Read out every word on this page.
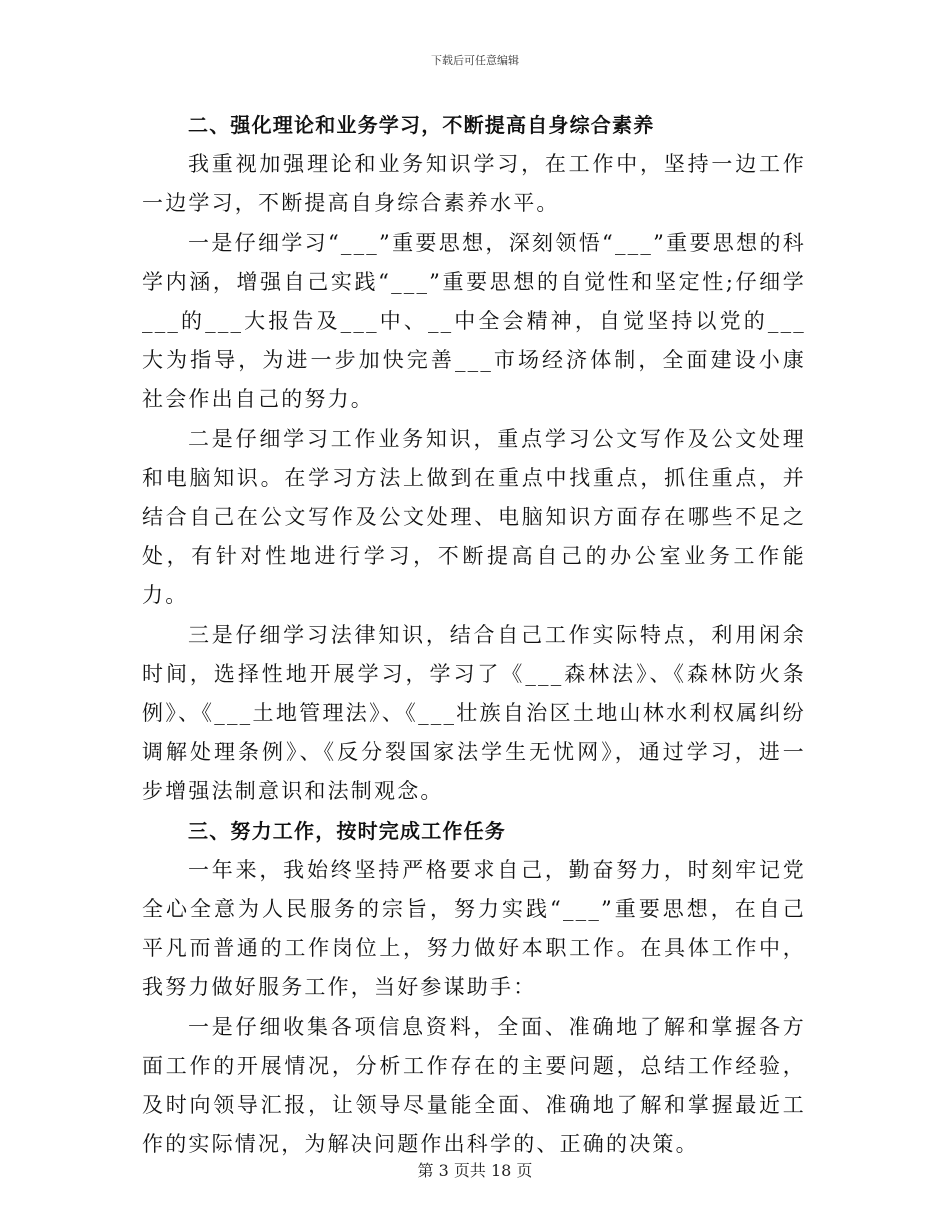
下载后可任意编辑
二、强化理论和业务学习，不断提高自身综合素养

我重视加强理论和业务知识学习，在工作中，坚持一边工作一边学习，不断提高自身综合素养水平。

一是仔细学习“___”重要思想，深刻领悟“___”重要思想的科学内涵，增强自己实践“___”重要思想的自觉性和坚定性;仔细学___的___大报告及___中、__中全会精神，自觉坚持以党的___大为指导，为进一步加快完善___市场经济体制，全面建设小康社会作出自己的努力。

二是仔细学习工作业务知识，重点学习公文写作及公文处理和电脑知识。在学习方法上做到在重点中找重点，抓住重点，并结合自己在公文写作及公文处理、电脑知识方面存在哪些不足之处，有针对性地进行学习，不断提高自己的办公室业务工作能力。

三是仔细学习法律知识，结合自己工作实际特点，利用闲余时间，选择性地开展学习，学习了《___森林法》、《森林防火条例》、《___土地管理法》、《___壮族自治区土地山林水利权属纠纷调解处理条例》、《反分裂国家法学生无忧网》，通过学习，进一步增强法制意识和法制观念。

三、努力工作，按时完成工作任务

一年来，我始终坚持严格要求自己，勤奋努力，时刻牢记党全心全意为人民服务的宗旨，努力实践“___”重要思想，在自己平凡而普通的工作岗位上，努力做好本职工作。在具体工作中，我努力做好服务工作，当好参谋助手：

一是仔细收集各项信息资料，全面、准确地了解和掌握各方面工作的开展情况，分析工作存在的主要问题，总结工作经验，及时向领导汇报，让领导尽量能全面、准确地了解和掌握最近工作的实际情况，为解决问题作出科学的、正确的决策。

第 3 页共 18 页
